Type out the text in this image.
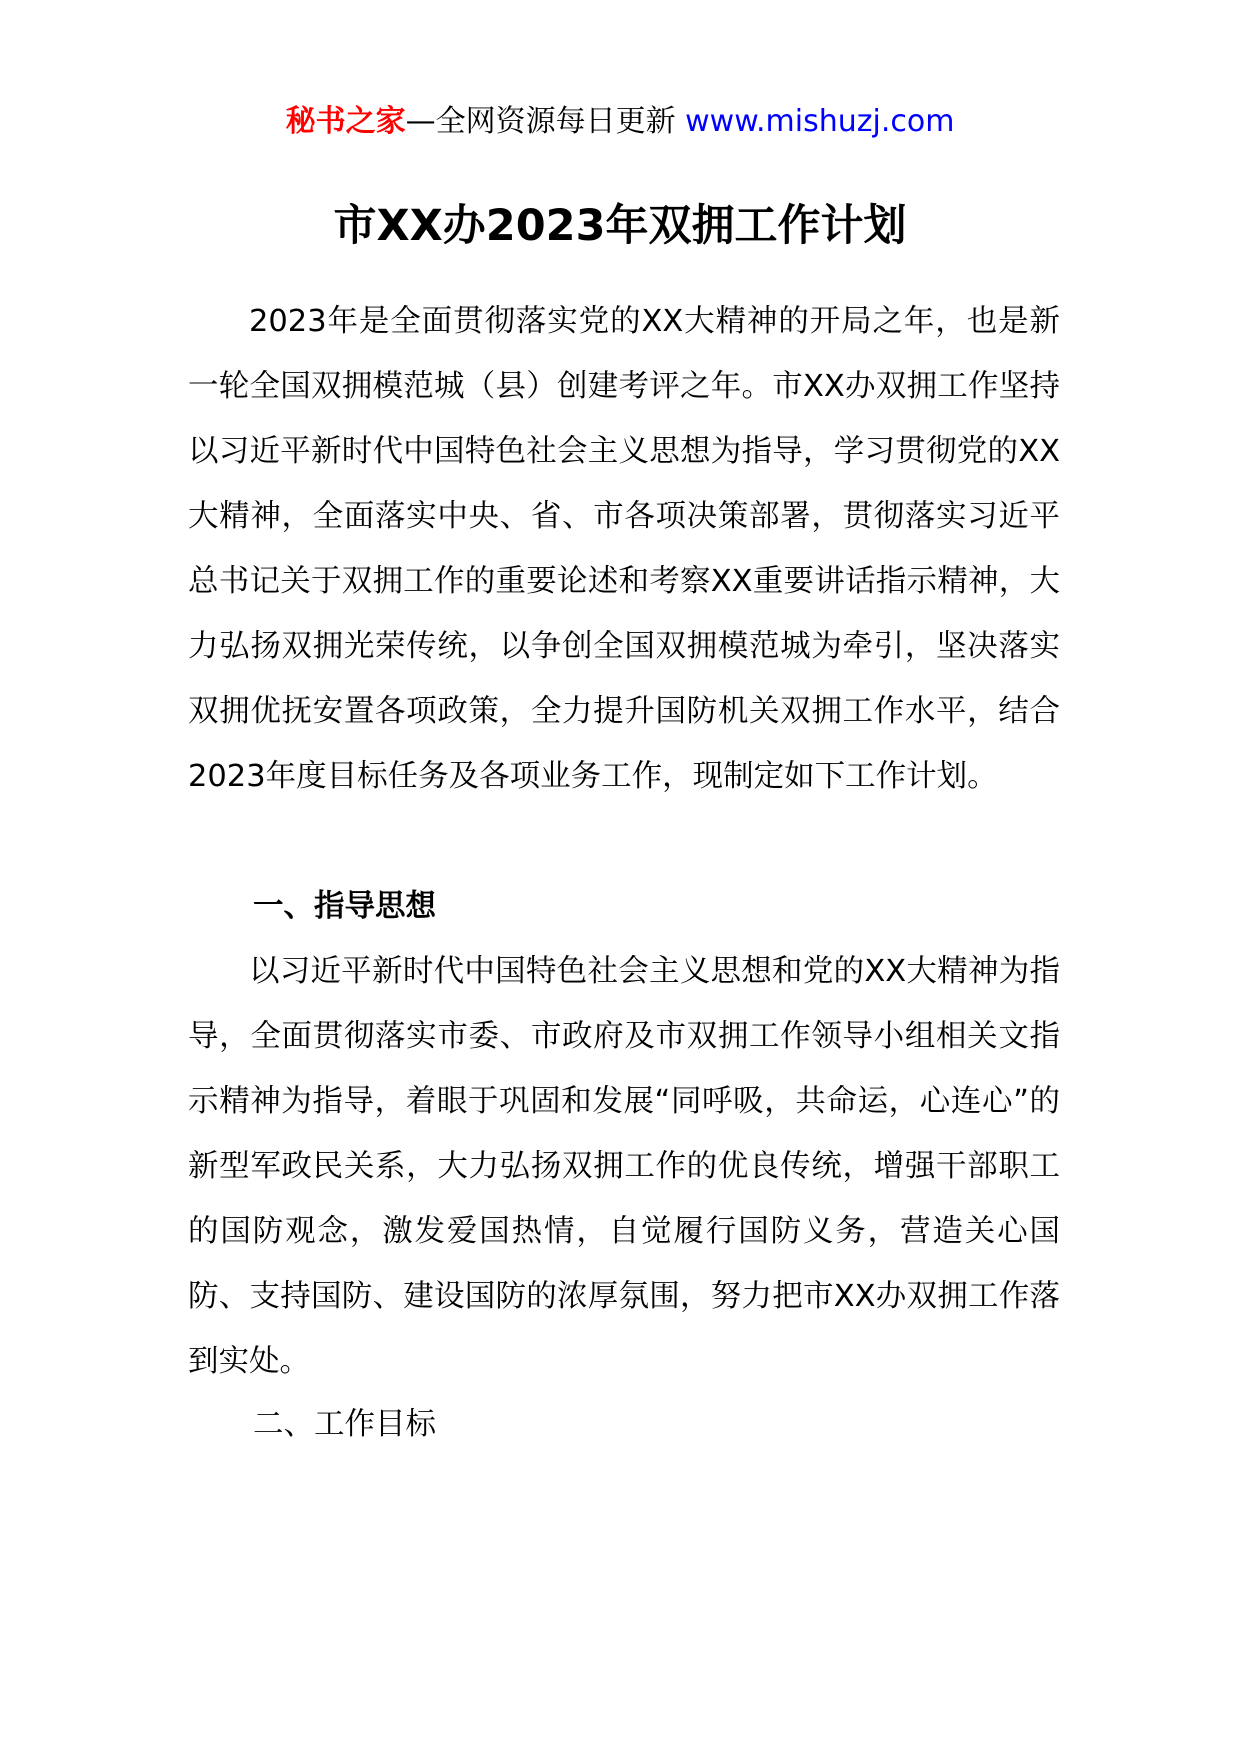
秘书之家—全网资源每日更新 www.mishuzj.com
市XX办2023年双拥工作计划

2023年是全面贯彻落实党的XX大精神的开局之年，也是新一轮全国双拥模范城（县）创建考评之年。市XX办双拥工作坚持以习近平新时代中国特色社会主义思想为指导，学习贯彻党的XX大精神，全面落实中央、省、市各项决策部署，贯彻落实习近平总书记关于双拥工作的重要论述和考察XX重要讲话指示精神，大力弘扬双拥光荣传统，以争创全国双拥模范城为牵引，坚决落实双拥优抚安置各项政策，全力提升国防机关双拥工作水平，结合2023年度目标任务及各项业务工作，现制定如下工作计划。

一、指导思想

以习近平新时代中国特色社会主义思想和党的XX大精神为指导，全面贯彻落实市委、市政府及市双拥工作领导小组相关文指示精神为指导，着眼于巩固和发展“同呼吸，共命运，心连心”的新型军政民关系，大力弘扬双拥工作的优良传统，增强干部职工的国防观念，激发爱国热情，自觉履行国防义务，营造关心国防、支持国防、建设国防的浓厚氛围，努力把市XX办双拥工作落到实处。

二、工作目标
